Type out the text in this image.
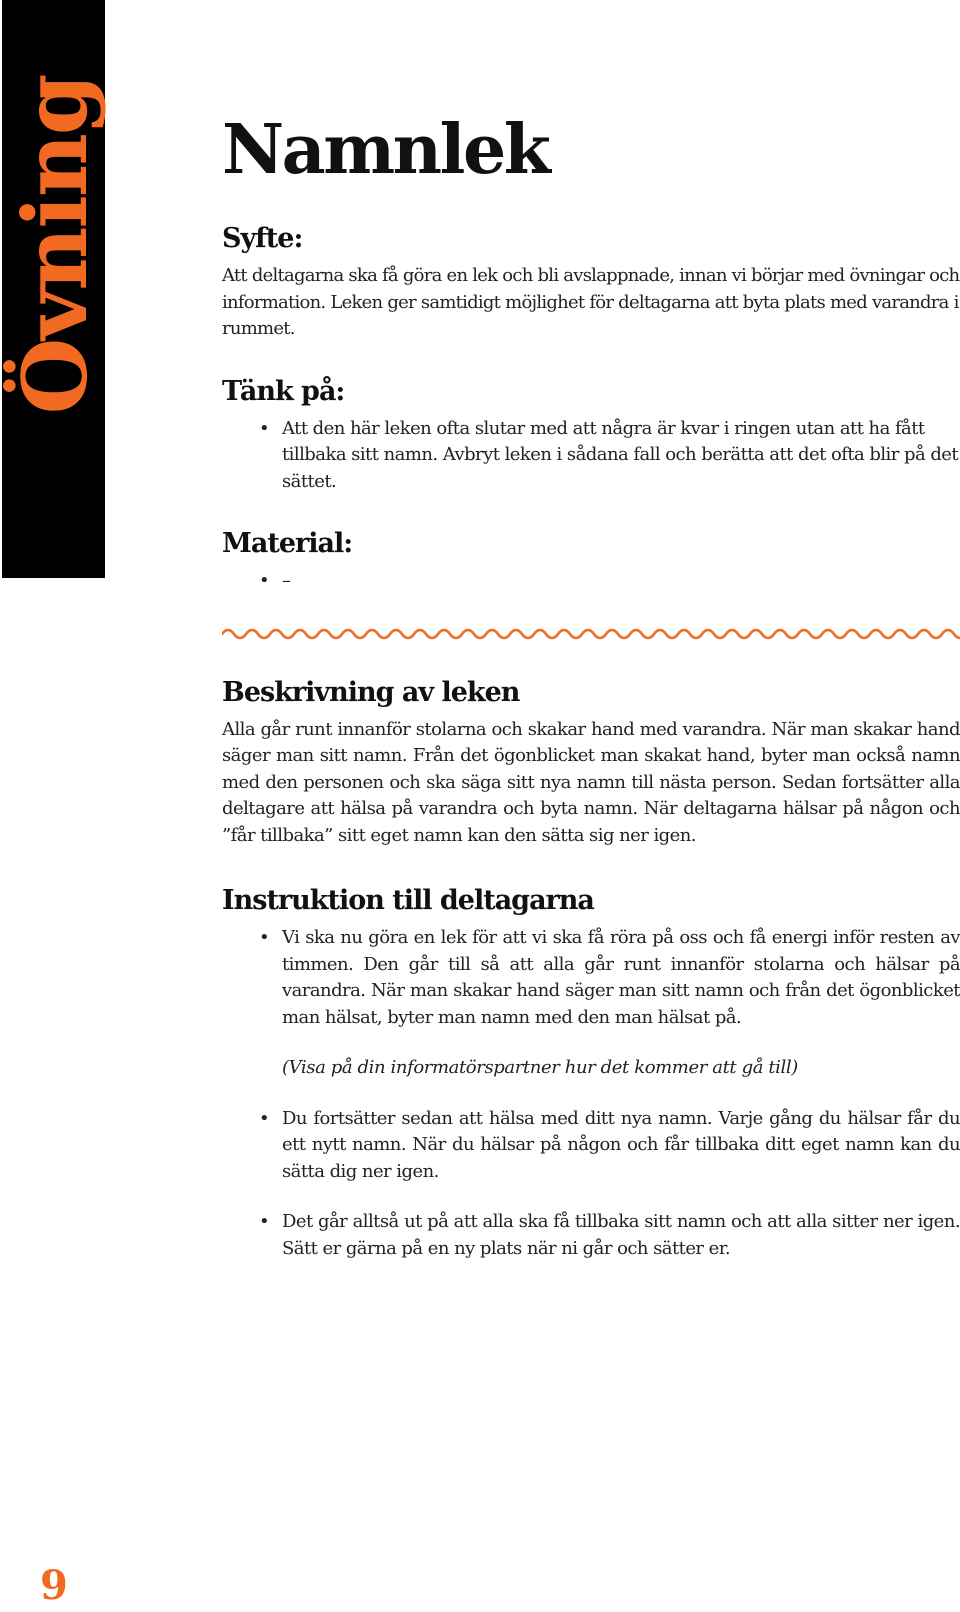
Övning
9
Namnlek
Syfte:

Att deltagarna ska få göra en lek och bli avslappnade, innan vi börjar med övningar och information. Leken ger samtidigt möjlighet för deltagarna att byta plats med varandra i rummet.

Tänk på:
• Att den här leken ofta slutar med att några är kvar i ringen utan att ha fått tillbaka sitt namn. Avbryt leken i sådana fall och berätta att det ofta blir på det sättet.
Material:
• –
Beskrivning av leken

Alla går runt innanför stolarna och skakar hand med varandra. När man skakar hand säger man sitt namn. Från det ögonblicket man skakat hand, byter man också namn med den personen och ska säga sitt nya namn till nästa person. Sedan fortsätter alla deltagare att hälsa på varandra och byta namn. När deltagarna hälsar på någon och ”får tillbaka” sitt eget namn kan den sätta sig ner igen.

Instruktion till deltagarna
• Vi ska nu göra en lek för att vi ska få röra på oss och få energi inför resten av timmen. Den går till så att alla går runt innanför stolarna och hälsar på varandra. När man skakar hand säger man sitt namn och från det ögonblicket man hälsat, byter man namn med den man hälsat på.

(Visa på din informatörspartner hur det kommer att gå till)

• Du fortsätter sedan att hälsa med ditt nya namn. Varje gång du hälsar får du ett nytt namn. När du hälsar på någon och får tillbaka ditt eget namn kan du sätta dig ner igen.
• Det går alltså ut på att alla ska få tillbaka sitt namn och att alla sitter ner igen. Sätt er gärna på en ny plats när ni går och sätter er.
